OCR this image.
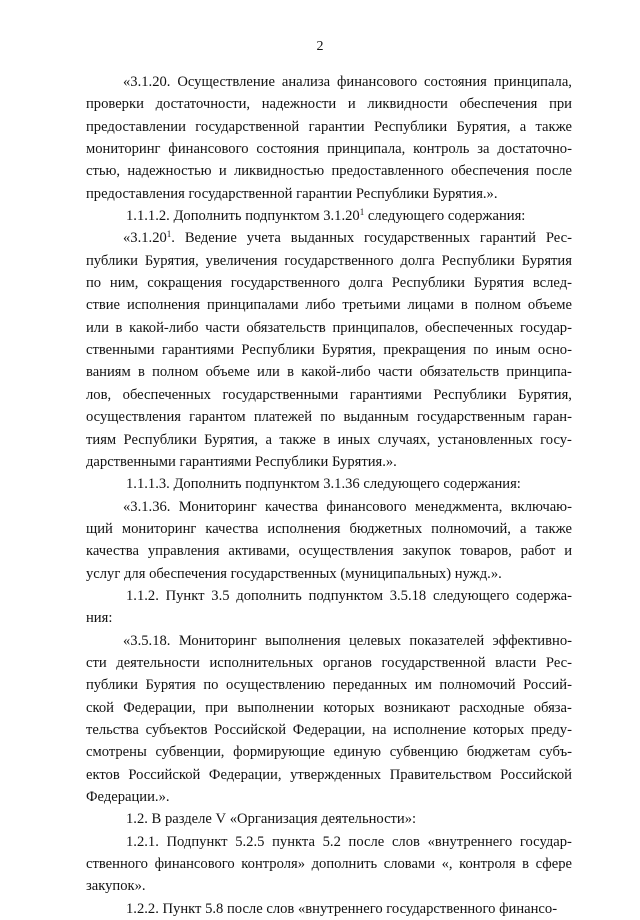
2
«3.1.20. Осуществление анализа финансового состояния принципала,
проверки достаточности, надежности и ликвидности обеспечения при
предоставлении государственной гарантии Республики Бурятия, а также
мониторинг финансового состояния принципала, контроль за достаточно-
стью, надежностью и ликвидностью предоставленного обеспечения после
предоставления
государственной
гарантии
Республики
Бурятия.».
1.1.1.2.
Дополнить
подпунктом
3.1.20$^1$
следующего
содержания:
«3.1.20$^1$. Ведение учета выданных государственных гарантий Рес-
публики Бурятия, увеличения государственного долга Республики Бурятия
по ним, сокращения государственного долга Республики Бурятия вслед-
ствие исполнения принципалами либо третьими лицами в полном объеме
или в какой-либо части обязательств принципалов, обеспеченных государ-
ственными гарантиями Республики Бурятия, прекращения по иным осно-
ваниям в полном объеме или в какой-либо части обязательств принципа-
лов, обеспеченных государственными гарантиями Республики Бурятия,
осуществления гарантом платежей по выданным государственным гаран-
тиям Республики Бурятия, а также в иных случаях, установленных госу-
дарственными
гарантиями
Республики
Бурятия.».
1.1.1.3.
Дополнить
подпунктом
3.1.36
следующего
содержания:
«3.1.36. Мониторинг качества финансового менеджмента, включаю-
щий мониторинг качества исполнения бюджетных полномочий, а также
качества управления активами, осуществления закупок товаров, работ и
услуг
для
обеспечения
государственных
(муниципальных)
нужд.».
1.1.2. Пункт 3.5 дополнить подпунктом 3.5.18 следующего содержа-
ния:
«3.5.18. Мониторинг выполнения целевых показателей эффективно-
сти деятельности исполнительных органов государственной власти Рес-
публики Бурятия по осуществлению переданных им полномочий Россий-
ской Федерации, при выполнении которых возникают расходные обяза-
тельства субъектов Российской Федерации, на исполнение которых преду-
смотрены субвенции, формирующие единую субвенцию бюджетам субъ-
ектов Российской Федерации, утвержденных Правительством Российской
Федерации.».
1.2.
В
разделе
V
«Организация
деятельности»:
1.2.1. Подпункт 5.2.5 пункта 5.2 после слов «внутреннего государ-
ственного финансового контроля» дополнить словами «, контроля в сфере
закупок».
1.2.2.
Пункт
5.8
после
слов
«внутреннего
государственного
финансо-
